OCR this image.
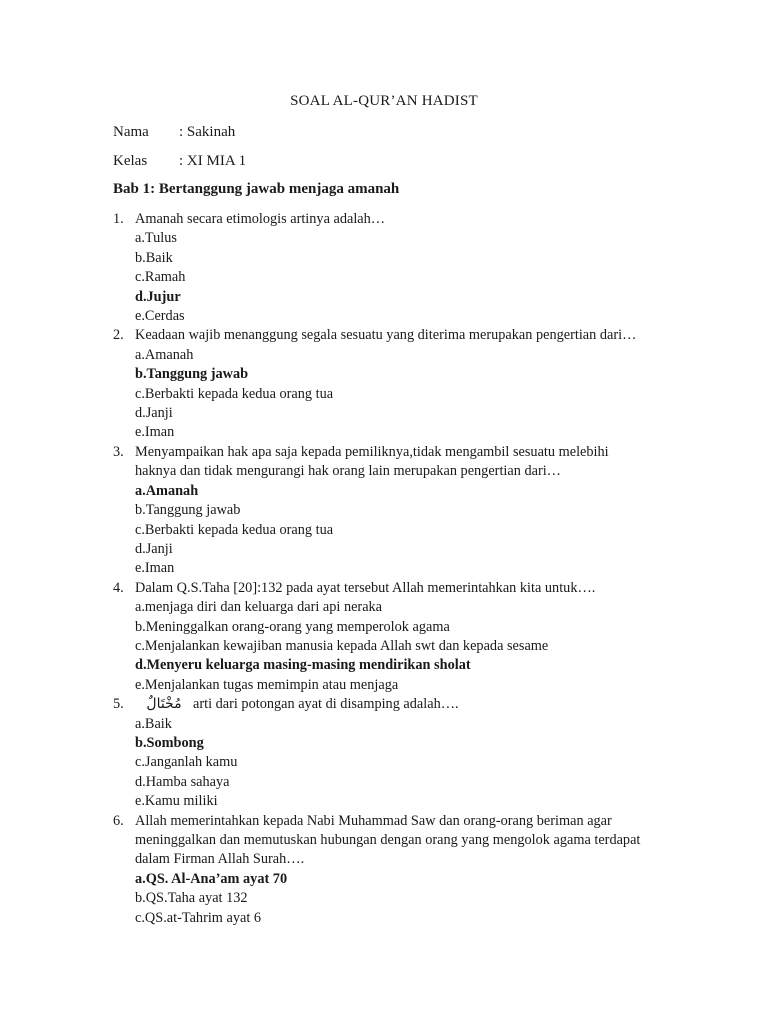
SOAL AL-QUR’AN HADIST
Nama : Sakinah
Kelas : XI MIA 1
Bab 1: Bertanggung jawab menjaga amanah
1. Amanah secara etimologis artinya adalah…
a.Tulus
b.Baik
c.Ramah
d.Jujur
e.Cerdas
2. Keadaan wajib menanggung segala sesuatu yang diterima merupakan pengertian dari…
a.Amanah
b.Tanggung jawab
c.Berbakti kepada kedua orang tua
d.Janji
e.Iman
3. Menyampaikan hak apa saja kepada pemiliknya,tidak mengambil sesuatu melebihi
haknya dan tidak mengurangi hak orang lain merupakan pengertian dari…
a.Amanah
b.Tanggung jawab
c.Berbakti kepada kedua orang tua
d.Janji
e.Iman
4. Dalam Q.S.Taha [20]:132 pada ayat tersebut Allah memerintahkan kita untuk….
a.menjaga diri dan keluarga dari api neraka
b.Meninggalkan orang-orang yang memperolok agama
c.Menjalankan kewajiban manusia kepada Allah swt dan kepada sesame
d.Menyeru keluarga masing-masing mendirikan sholat
e.Menjalankan tugas memimpin atau menjaga
5.	مُخْتَالٌ arti dari potongan ayat di disamping adalah….
a.Baik
b.Sombong
c.Janganlah kamu
d.Hamba sahaya
e.Kamu miliki
6. Allah memerintahkan kepada Nabi Muhammad Saw dan orang-orang beriman agar
meninggalkan dan memutuskan hubungan dengan orang yang mengolok agama terdapat
dalam Firman Allah Surah….
a.QS. Al-Ana’am ayat 70
b.QS.Taha ayat 132
c.QS.at-Tahrim ayat 6
